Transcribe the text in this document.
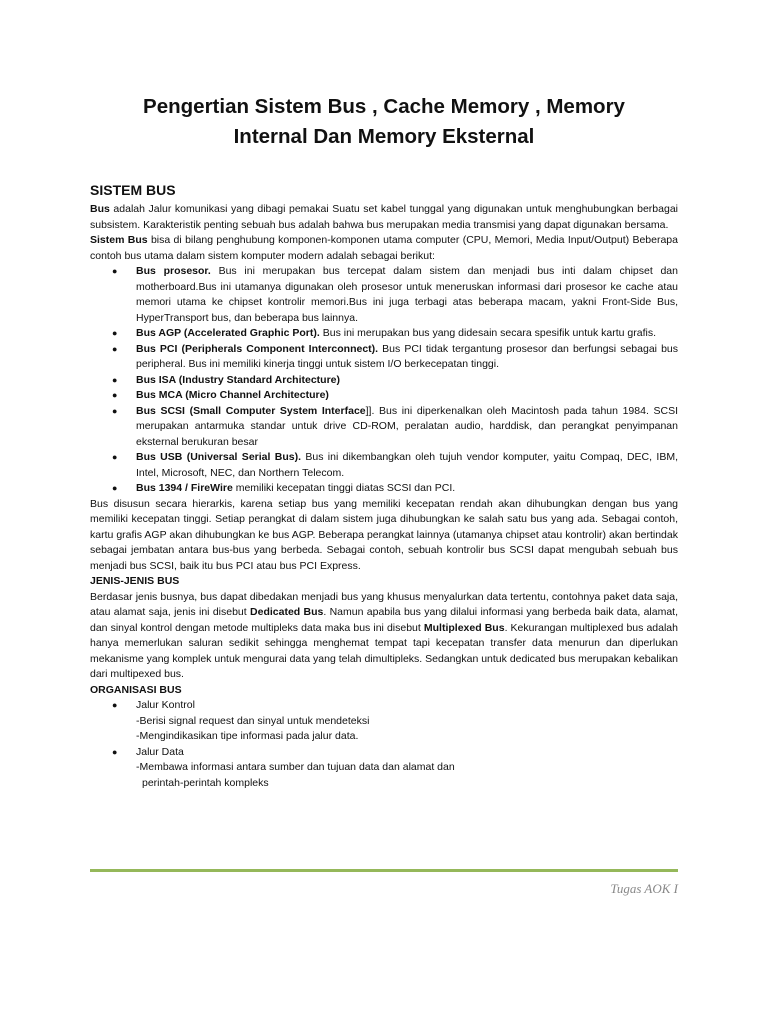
Pengertian Sistem Bus , Cache Memory , Memory
Internal Dan Memory Eksternal
SISTEM BUS

Bus adalah Jalur komunikasi yang dibagi pemakai Suatu set kabel tunggal yang digunakan untuk menghubungkan berbagai subsistem. Karakteristik penting sebuah bus adalah bahwa bus merupakan media transmisi yang dapat digunakan bersama.

Sistem Bus bisa di bilang penghubung komponen-komponen utama computer (CPU, Memori, Media Input/Output) Beberapa contoh bus utama dalam sistem komputer modern adalah sebagai berikut:

● Bus prosesor. Bus ini merupakan bus tercepat dalam sistem dan menjadi bus inti dalam chipset dan motherboard.Bus ini utamanya digunakan oleh prosesor untuk meneruskan informasi dari prosesor ke cache atau memori utama ke chipset kontrolir memori.Bus ini juga terbagi atas beberapa macam, yakni Front-Side Bus, HyperTransport bus, dan beberapa bus lainnya.
● Bus AGP (Accelerated Graphic Port). Bus ini merupakan bus yang didesain secara spesifik untuk kartu grafis.
● Bus PCI (Peripherals Component Interconnect). Bus PCI tidak tergantung prosesor dan berfungsi sebagai bus peripheral. Bus ini memiliki kinerja tinggi untuk sistem I/O berkecepatan tinggi.
● Bus ISA (Industry Standard Architecture)
● Bus MCA (Micro Channel Architecture)
● Bus SCSI (Small Computer System Interface]]. Bus ini diperkenalkan oleh Macintosh pada tahun 1984. SCSI merupakan antarmuka standar untuk drive CD-ROM, peralatan audio, harddisk, dan perangkat penyimpanan eksternal berukuran besar
● Bus USB (Universal Serial Bus). Bus ini dikembangkan oleh tujuh vendor komputer, yaitu Compaq, DEC, IBM, Intel, Microsoft, NEC, dan Northern Telecom.
● Bus 1394 / FireWire memiliki kecepatan tinggi diatas SCSI dan PCI.

Bus disusun secara hierarkis, karena setiap bus yang memiliki kecepatan rendah akan dihubungkan dengan bus yang memiliki kecepatan tinggi. Setiap perangkat di dalam sistem juga dihubungkan ke salah satu bus yang ada. Sebagai contoh, kartu grafis AGP akan dihubungkan ke bus AGP. Beberapa perangkat lainnya (utamanya chipset atau kontrolir) akan bertindak sebagai jembatan antara bus-bus yang berbeda. Sebagai contoh, sebuah kontrolir bus SCSI dapat mengubah sebuah bus menjadi bus SCSI, baik itu bus PCI atau bus PCI Express.

JENIS-JENIS BUS

Berdasar jenis busnya, bus dapat dibedakan menjadi bus yang khusus menyalurkan data tertentu, contohnya paket data saja, atau alamat saja, jenis ini disebut Dedicated Bus. Namun apabila bus yang dilalui informasi yang berbeda baik data, alamat, dan sinyal kontrol dengan metode multipleks data maka bus ini disebut Multiplexed Bus. Kekurangan multiplexed bus adalah hanya memerlukan saluran sedikit sehingga menghemat tempat tapi kecepatan transfer data menurun dan diperlukan mekanisme yang komplek untuk mengurai data yang telah dimultipleks. Sedangkan untuk dedicated bus merupakan kebalikan dari multipexed bus.

ORGANISASI BUS
● Jalur Kontrol
-Berisi signal request dan sinyal untuk mendeteksi
-Mengindikasikan tipe informasi pada jalur data.
● Jalur Data
-Membawa informasi antara sumber dan tujuan data dan alamat dan
perintah-perintah kompleks
Tugas AOK I
